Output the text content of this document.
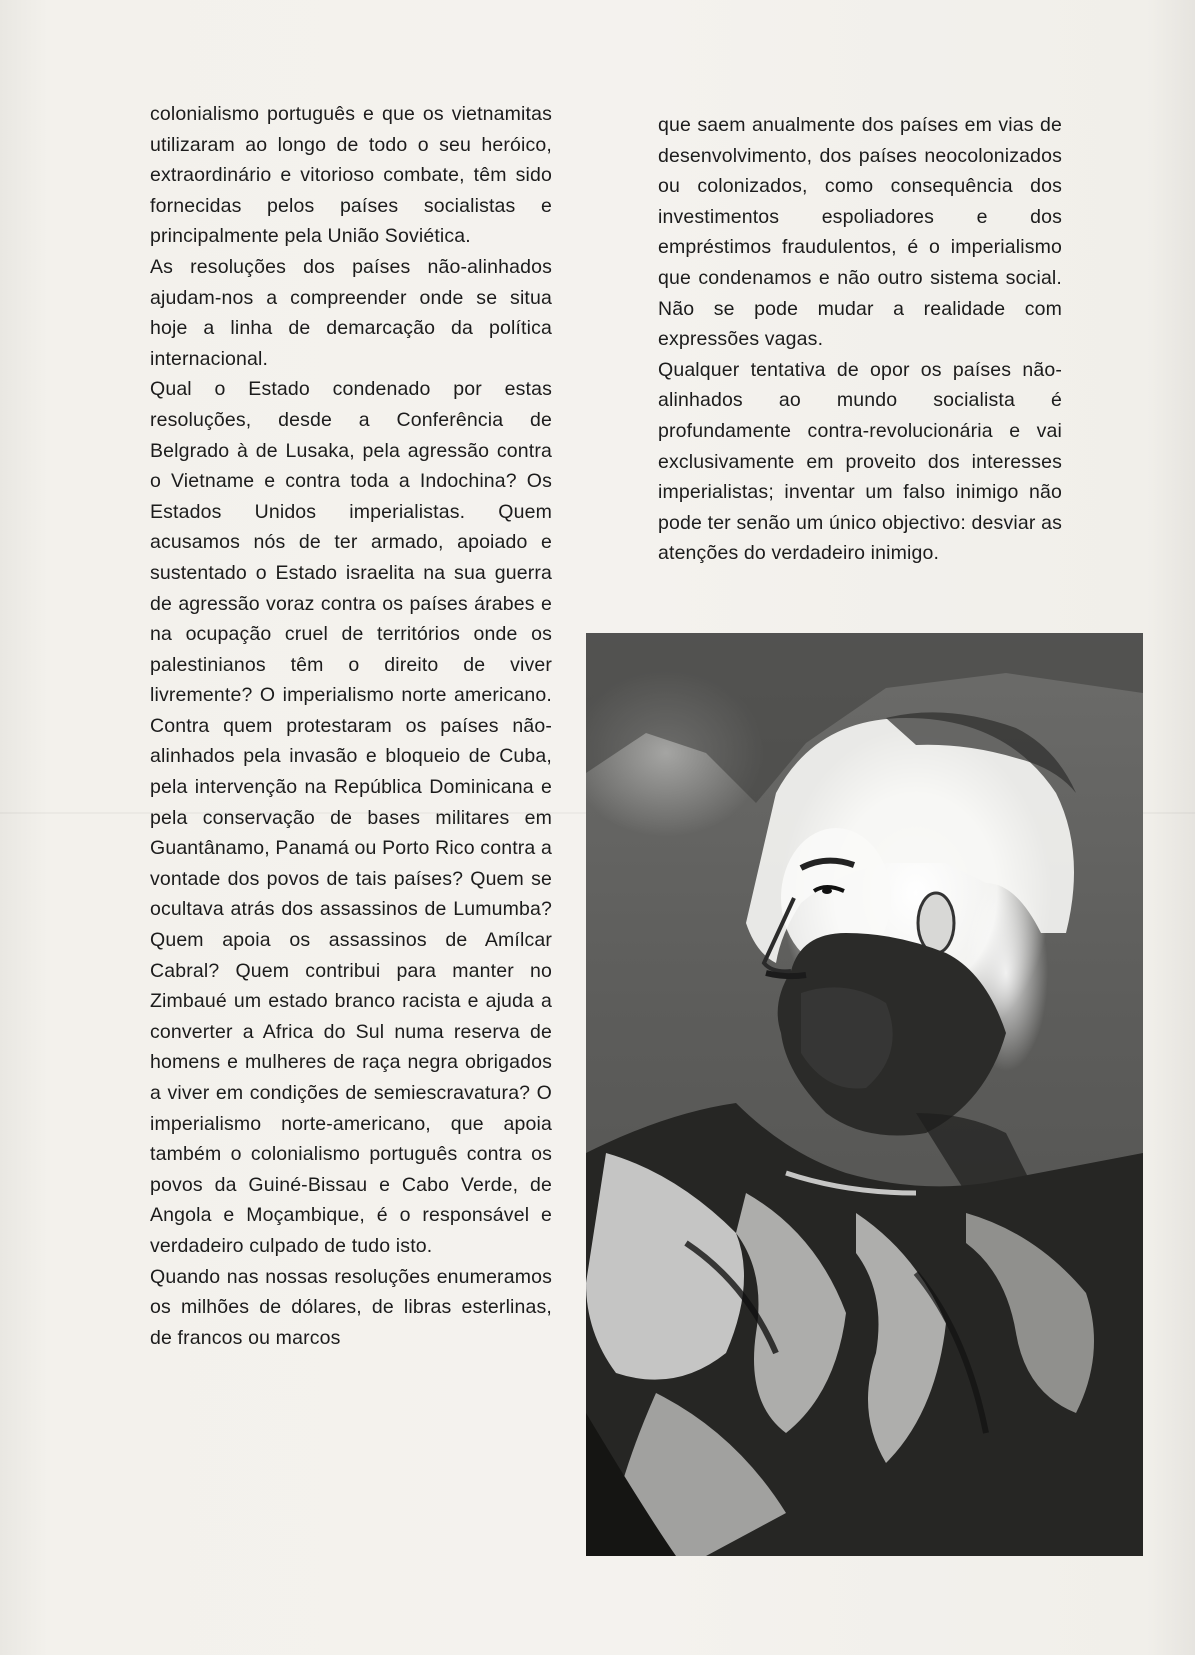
colonialismo português e que os vietnamitas utilizaram ao longo de todo o seu heróico, extraordinário e vitorioso combate, têm sido fornecidas pelos países socialistas e principalmente pela União Soviética.

As resoluções dos países não-alinhados ajudam-nos a compreender onde se situa hoje a linha de demarcação da política internacional.

Qual o Estado condenado por estas resoluções, desde a Conferência de Belgrado à de Lusaka, pela agressão contra o Vietname e contra toda a Indochina? Os Estados Unidos imperialistas. Quem acusamos nós de ter armado, apoiado e sustentado o Estado israelita na sua guerra de agressão voraz contra os países árabes e na ocupação cruel de territórios onde os palestinianos têm o direito de viver livremente? O imperialismo norte americano. Contra quem protestaram os países não-alinhados pela invasão e bloqueio de Cuba, pela intervenção na República Dominicana e pela conservação de bases militares em Guantânamo, Panamá ou Porto Rico contra a vontade dos povos de tais países? Quem se ocultava atrás dos assassinos de Lumumba? Quem apoia os assassinos de Amílcar Cabral? Quem contribui para manter no Zimbaué um estado branco racista e ajuda a converter a Africa do Sul numa reserva de homens e mulheres de raça negra obrigados a viver em condições de semiescravatura? O imperialismo norte-americano, que apoia também o colonialismo português contra os povos da Guiné-Bissau e Cabo Verde, de Angola e Moçambique, é o responsável e verdadeiro culpado de tudo isto.

Quando nas nossas resoluções enumeramos os milhões de dólares, de libras esterlinas, de francos ou marcos

que saem anualmente dos países em vias de desenvolvimento, dos países neocolonizados ou colonizados, como consequência dos investimentos espoliadores e dos empréstimos fraudulentos, é o imperialismo que condenamos e não outro sistema social. Não se pode mudar a realidade com expressões vagas.

Qualquer tentativa de opor os países não-alinhados ao mundo socialista é profundamente contra-revolucionária e vai exclusivamente em proveito dos interesses imperialistas; inventar um falso inimigo não pode ter senão um único objectivo: desviar as atenções do verdadeiro inimigo.
